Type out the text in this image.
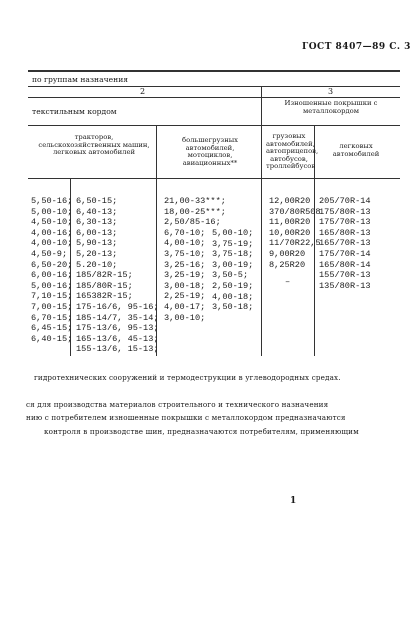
ГОСТ 8407—89 С. 3
по группам назначения
2	3
текстильным кордом
Изношенные покрышки с металлокордом
тракторов, сельскохозяйственных машин, легковых автомобилей
большегрузных автомобилей, мотоциклов, авиационных**
грузовых автомобилей, автоприцепов, автобусов, троллейбусов
легковых автомобилей
5,50-16;
5,00-10;
4,50-10;
4,00-16;
4,00-10;
4,50-9;
6,50-20;
6,00-16;
5,00-16;
7,10-15;
7,00-15;
6,70-15;
6,45-15;
6,40-15;
6,50-15;
6,40-13;
6,30-13;
6,00-13;
5,90-13;
5,20-13;
5.20-10;
185/82R-15;
185/80R-15;
165382R-15;
175-16/6, 95-16;
185-14/7, 35-14;
175-13/6, 95-13;
165-13/6, 45-13;
155-13/6, 15-13;
21,00-33***;
18,00-25***;
2,50/85-16;
6,70-10;
4,00-10;
3,75-10;
3,25-16;
3,25-19;
3,00-18;
2,25-19;
4,00-17;
3,00-10;
5,00-10;
3,75-19;
3,75-18;
3,00-19;
3,50-5;
2,50-19;
4,00-18;
3,50-18;
12,00R20
370/80R508
11,00R20
10,00R20
11/70R22,5
9,00R20
8,25R20
–
205/70R-14
175/80R-13
175/70R-13
165/80R-13
165/70R-13
175/70R-14
165/80R-14
155/70R-13
135/80R-13
гидротехнических сооружений и термодеструкции в углеводородных средах.
ся для производства материалов строительного и технического назначения
нию с потребителем изношенные покрышки с металлокордом предназначаются
контроля в производстве шин, предназначаются потребителям, применяющим
1
